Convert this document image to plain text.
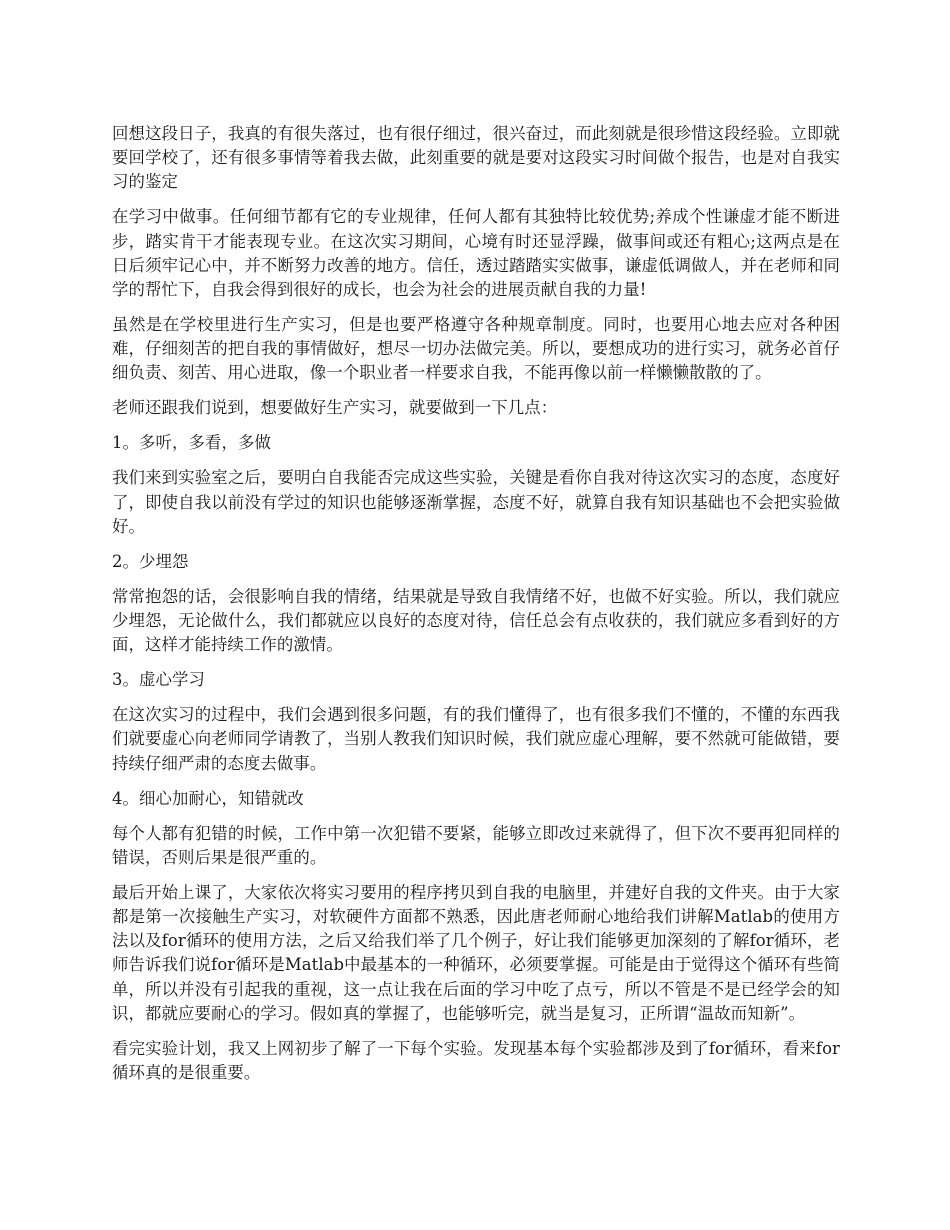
回想这段日子，我真的有很失落过，也有很仔细过，很兴奋过，而此刻就是很珍惜这段经验。立即就要回学校了，还有很多事情等着我去做，此刻重要的就是要对这段实习时间做个报告，也是对自我实习的鉴定

在学习中做事。任何细节都有它的专业规律，任何人都有其独特比较优势;养成个性谦虚才能不断进步，踏实肯干才能表现专业。在这次实习期间，心境有时还显浮躁，做事间或还有粗心;这两点是在日后须牢记心中，并不断努力改善的地方。信任，透过踏踏实实做事，谦虚低调做人，并在老师和同学的帮忙下，自我会得到很好的成长，也会为社会的进展贡献自我的力量!

虽然是在学校里进行生产实习，但是也要严格遵守各种规章制度。同时，也要用心地去应对各种困难，仔细刻苦的把自我的事情做好，想尽一切办法做完美。所以，要想成功的进行实习，就务必首仔细负责、刻苦、用心进取，像一个职业者一样要求自我，不能再像以前一样懒懒散散的了。

老师还跟我们说到，想要做好生产实习，就要做到一下几点：

1。多听，多看，多做

我们来到实验室之后，要明白自我能否完成这些实验，关键是看你自我对待这次实习的态度，态度好了，即使自我以前没有学过的知识也能够逐渐掌握，态度不好，就算自我有知识基础也不会把实验做好。

2。少埋怨

常常抱怨的话，会很影响自我的情绪，结果就是导致自我情绪不好，也做不好实验。所以，我们就应少埋怨，无论做什么，我们都就应以良好的态度对待，信任总会有点收获的，我们就应多看到好的方面，这样才能持续工作的激情。

3。虚心学习

在这次实习的过程中，我们会遇到很多问题，有的我们懂得了，也有很多我们不懂的，不懂的东西我们就要虚心向老师同学请教了，当别人教我们知识时候，我们就应虚心理解，要不然就可能做错，要持续仔细严肃的态度去做事。

4。细心加耐心，知错就改

每个人都有犯错的时候，工作中第一次犯错不要紧，能够立即改过来就得了，但下次不要再犯同样的错误，否则后果是很严重的。

最后开始上课了，大家依次将实习要用的程序拷贝到自我的电脑里，并建好自我的文件夹。由于大家都是第一次接触生产实习，对软硬件方面都不熟悉，因此唐老师耐心地给我们讲解Matlab的使用方法以及for循环的使用方法，之后又给我们举了几个例子，好让我们能够更加深刻的了解for循环，老师告诉我们说for循环是Matlab中最基本的一种循环，必须要掌握。可能是由于觉得这个循环有些简单，所以并没有引起我的重视，这一点让我在后面的学习中吃了点亏，所以不管是不是已经学会的知识，都就应要耐心的学习。假如真的掌握了，也能够听完，就当是复习，正所谓“温故而知新”。

看完实验计划，我又上网初步了解了一下每个实验。发现基本每个实验都涉及到了for循环，看来for循环真的是很重要。
